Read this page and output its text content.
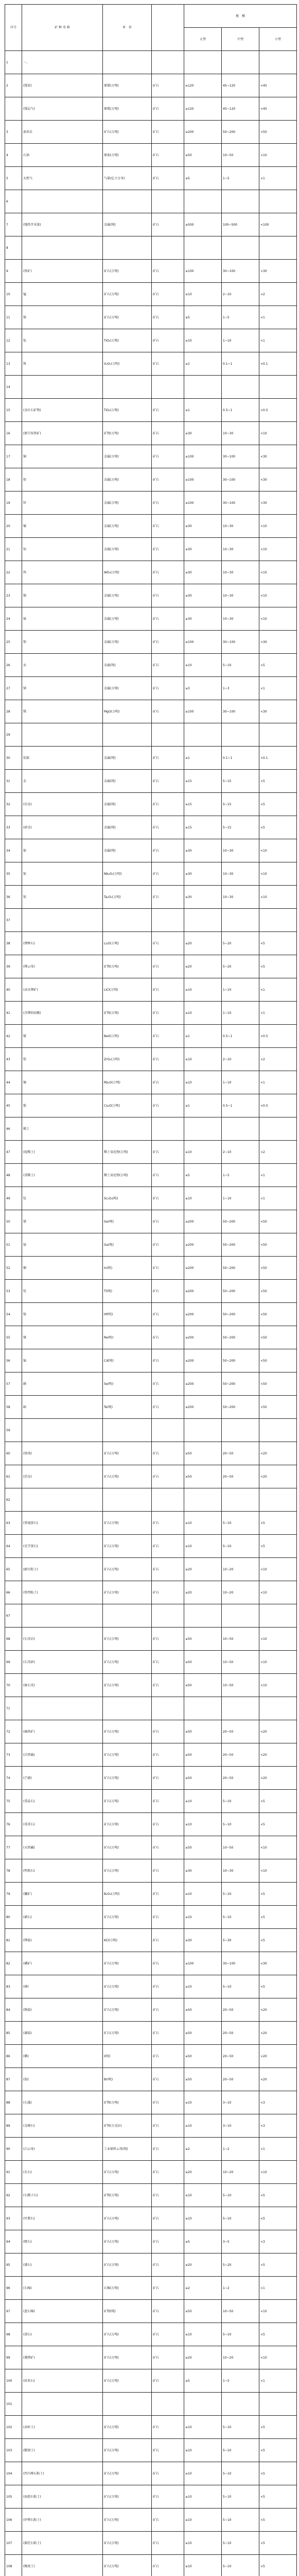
序号	矿 种 名 称	单　位		规　模		
				大型	中型	小型
1	一、					
2	(煤炭)	原煤(万吨)	矿石	≥120	45~120	<45
	(煤层气)	原煤(万吨)	矿石	≥120	45~120	<45
3	油页岩	矿石(万吨)	矿石	≥200	50~200	<50
4	石油	原油(万吨)	矿石	≥50	10~50	<10
5	天然气	气量(亿立方米)	矿石	≥5	1~5	<1
6						
7	(地热开采量)	金属(吨)	矿石	≥500	100~500	<100
8						
9	(铁矿)	矿石(万吨)	矿石	≥100	30~100	<30
10	锰	矿石(万吨)	矿石	≥10	2~10	<2
11	铬	矿石(万吨)	矿石	≥5	1~5	<1
12	钛	TiO₂(万吨)	矿石	≥10	1~10	<1
13	钒	V₂O₅(万吨)	矿石	≥1	0.1~1	<0.1
14						
15	(金红石矿物)	TiO₂(万吨)	矿石	≥1	0.5~1	<0.5
16	(原生钛铁矿)	矿物(万吨)	矿石	≥30	10~30	<10
17	铜	金属(万吨)	矿石	≥100	30~100	<30
18	铅	金属(万吨)	矿石	≥100	30~100	<30
19	锌	金属(万吨)	矿石	≥100	30~100	<30
20	镍	金属(万吨)	矿石	≥30	10~30	<10
21	钴	金属(万吨)	矿石	≥30	10~30	<10
22	钨	WO₃(万吨)	矿石	≥30	10~30	<10
23	锡	金属(万吨)	矿石	≥30	10~30	<10
24	铋	金属(万吨)	矿石	≥30	10~30	<10
25	钼	金属(万吨)	矿石	≥100	30~100	<30
26	汞	金属(吨)	矿石	≥10	5~10	<5
27	锑	金属(万吨)	矿石	≥3	1~3	<1
28	镁	MgO(万吨)	矿石	≥100	30~100	<30
29						
30	铂族	金属(吨)	矿石	≥1	0.1~1	<0.1
31	金	金属(吨)	矿石	≥15	5~15	<5
32	(岩金)	金属(吨)	矿石	≥15	5~15	<5
33	(砂金)	金属(吨)	矿石	≥15	5~15	<5
34	银	金属(吨)	矿石	≥30	10~30	<10
35	铌	Nb₂O₅(万吨)	矿石	≥30	10~30	<10
36	钽	Ta₂O₅(万吨)	矿石	≥30	10~30	<10
37						
38	(锂辉石)	Li₂O(万吨)	矿石	≥20	5~20	<5
39	(锂云母)	矿物(万吨)	矿石	≥20	5~20	<5
40	(卤水锂矿)	LiCl(万吨)	矿石	≥10	1~10	<1
41	(含锂铝硅酸)	矿物(万吨)	矿石	≥10	1~10	<1
42	铍	BeO(万吨)	矿石	≥1	0.5~1	<0.5
43	锆	ZrO₂(万吨)	矿石	≥10	2~10	<2
44	铷	Rb₂O(万吨)	矿石	≥10	1~10	<1
45	铯	Cs₂O(万吨)	矿石	≥1	0.5~1	<0.5
46	稀土					
47	(轻稀土)	稀土氧化物(万吨)	矿石	≥10	2~10	<2
48	(重稀土)	稀土氧化物(万吨)	矿石	≥5	1~5	<1
49	钪	Sc₂O₃(吨)	矿石	≥10	1~10	<1
50	锗	Ge(吨)	矿石	≥200	50~200	<50
51	镓	Ga(吨)	矿石	≥200	50~200	<50
52	铟	In(吨)	矿石	≥200	50~200	<50
53	铊	Tl(吨)	矿石	≥200	50~200	<50
54	铪	Hf(吨)	矿石	≥200	50~200	<50
55	铼	Re(吨)	矿石	≥200	50~200	<50
56	镉	Cd(吨)	矿石	≥200	50~200	<50
57	硒	Se(吨)	矿石	≥200	50~200	<50
58	碲	Te(吨)	矿石	≥200	50~200	<50
59						
60	(熔剂)	矿石(万吨)	矿石	≥50	20~50	<20
61	(冶金)	矿石(万吨)	矿石	≥50	20~50	<20
62						
63	(普通萤石)	矿石(万吨)	矿石	≥10	5~10	<5
64	(光学萤石)	矿石(万吨)	矿石	≥10	5~10	<5
65	(耐火粘土)	矿石(万吨)	矿石	≥20	10~20	<10
66	(铸型粘土)	矿石(万吨)	矿石	≥20	10~20	<10
67						
68	(石英岩)	矿石(万吨)	矿石	≥50	10~50	<10
69	(石英砂)	矿石(万吨)	矿石	≥50	10~50	<10
70	(脉石英)	矿石(万吨)	矿石	≥50	10~50	<10
71						
72	(硫铁矿)	矿石(万吨)	矿石	≥50	20~50	<20
73	(自然硫)	矿石(万吨)	矿石	≥50	20~50	<20
74	(芒硝)	矿石(万吨)	矿石	≥50	20~50	<20
75	(重晶石)	矿石(万吨)	矿石	≥10	5~10	<5
76	(毒重石)	矿石(万吨)	矿石	≥10	5~10	<5
77	(天然碱)	矿石(万吨)	矿石	≥50	10~50	<10
78	(明矾石)	矿石(万吨)	矿石	≥30	10~30	<10
79	(硼矿)	B₂O₃(万吨)	矿石	≥10	5~10	<5
80	(硝石)	矿石(万吨)	矿石	≥10	5~10	<5
81	(钾盐)	KCl(万吨)	矿石	≥30	5~30	<5
82	(磷矿)	矿石(万吨)	矿石	≥100	30~100	<30
83	(砷)	矿石(万吨)	矿石	≥10	5~10	<5
84	(钠盐)	矿石(万吨)	矿石	≥50	20~50	<20
85	(湖盐)	矿石(万吨)	矿石	≥50	20~50	<20
86	(碘)	I(吨)	矿石	≥50	20~50	<20
87	(溴)	Br(吨)	矿石	≥50	20~50	<20
88	(石墨)	矿物(万吨)	矿石	≥10	3~10	<3
89	(金刚石)	矿物(万克拉)	矿石	≥10	3~10	<3
90	(白云母)	工业原料云母(吨)	矿石	≥2	1~2	<1
91	(长石)	矿石(万吨)	矿石	≥20	10~20	<10
92	(石榴子石)	矿物(万吨)	矿石	≥10	5~10	<5
93	(叶腊石)	矿石(万吨)	矿石	≥10	5~10	<5
94	(蛭石)	矿石(万吨)	矿石	≥5	3~5	<3
95	(沸石)	矿石(万吨)	矿石	≥20	5~20	<5
96	(石棉)	石棉(万吨)	矿石	≥2	1~2	<1
97	(蓝石棉)	矿物(吨)	矿石	≥50	10~50	<10
98	(滑石)	矿石(万吨)	矿石	≥10	5~10	<5
99	(菱镁矿)	矿石(万吨)	矿石	≥20	10~20	<10
100	(硅灰石)	矿石(万吨)	矿石	≥5	1~5	<1
101						
102	(高岭土)	矿石(万吨)	矿石	≥10	5~10	<5
103	(膨润土)	矿石(万吨)	矿石	≥10	5~10	<5
104	(凹凸棒石粘土)	矿石(万吨)	矿石	≥10	5~10	<5
105	(海泡石粘土)	矿石(万吨)	矿石	≥10	5~10	<5
106	(伊利石粘土)	矿石(万吨)	矿石	≥10	5~10	<5
107	(累托石粘土)	矿石(万吨)	矿石	≥10	5~10	<5
108	(陶瓷土)	矿石(万吨)	矿石	≥10	5~10	<5
